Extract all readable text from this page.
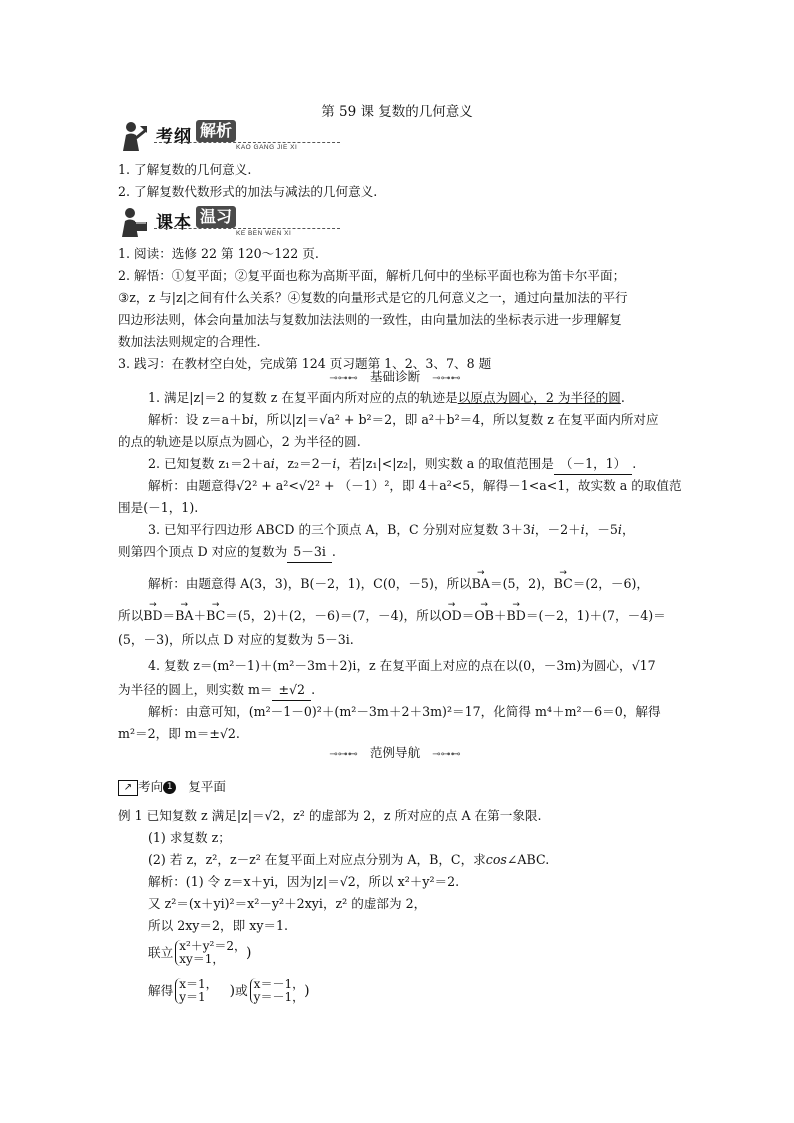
第 59 课 复数的几何意义
考纲 解析
KAO GANG JIE XI
1. 了解复数的几何意义.
2. 了解复数代数形式的加法与减法的几何意义.
课本 温习
KE BEN WEN XI
1. 阅读：选修 22 第 120～122 页.
2. 解悟：①复平面；②复平面也称为高斯平面，解析几何中的坐标平面也称为笛卡尔平面；
③z，z 与|z|之间有什么关系？④复数的向量形式是它的几何意义之一，通过向量加法的平行
四边形法则，体会向量加法与复数加法法则的一致性，由向量加法的坐标表示进一步理解复
数加法法则规定的合理性.
3. 践习：在教材空白处，完成第 124 页习题第 1、2、3、7、8 题
⊸⊶⊷ 基础诊断 ⊸⊶⊷
1. 满足|z|＝2 的复数 z 在复平面内所对应的点的轨迹是以原点为圆心，2 为半径的圆.
解析：设 z＝a＋bi，所以|z|＝√a² + b²＝2，即 a²＋b²＝4，所以复数 z 在复平面内所对应
的点的轨迹是以原点为圆心，2 为半径的圆.
2. 已知复数 z₁＝2＋ai，z₂＝2－i，若|z₁|<|z₂|，则实数 a 的取值范围是 （－1，1） .
解析：由题意得√2² + a²<√2² + （－1）²，即 4＋a²<5，解得－1<a<1，故实数 a 的取值范
围是(－1，1).
3. 已知平行四边形 ABCD 的三个顶点 A，B，C 分别对应复数 3＋3i，－2＋i，－5i，
则第四个顶点 D 对应的复数为 5－3i .
解析：由题意得 A(3，3)，B(－2，1)，C(0，－5)，所以→ BA＝(5，2)，→ BC＝(2，－6)，
所以→ BD＝→ BA＋→ BC＝(5，2)＋(2，－6)＝(7，－4)，所以→ OD＝→ OB＋→ BD＝(－2，1)＋(7，－4)＝
(5，－3)，所以点 D 对应的复数为 5－3i.
4. 复数 z＝(m²－1)＋(m²－3m＋2)i，z 在复平面上对应的点在以(0，－3m)为圆心，√17
为半径的圆上，则实数 m＝ ±√2 .
解析：由意可知，(m²－1－0)²＋(m²－3m＋2＋3m)²＝17，化简得 m⁴＋m²－6＝0，解得
m²＝2，即 m＝±√2.
⊸⊶⊷ 范例导航 ⊸⊶⊷
↗ 考向 1 复平面
例 1 已知复数 z 满足|z|＝√2，z² 的虚部为 2，z 所对应的点 A 在第一象限.
(1) 求复数 z；
(2) 若 z，z²，z－z² 在复平面上对应点分别为 A，B，C，求cos∠ABC.
解析：(1) 令 z＝x＋yi，因为|z|＝√2，所以 x²＋y²＝2.
又 z²＝(x＋yi)²＝x²－y²＋2xyi，z² 的虚部为 2，
所以 2xy＝2，即 xy＝1.
联立 x²＋y²＝2，
xy＝1， )
解得 x＝1，
y＝1 )或 x＝－1，
y＝－1，)
